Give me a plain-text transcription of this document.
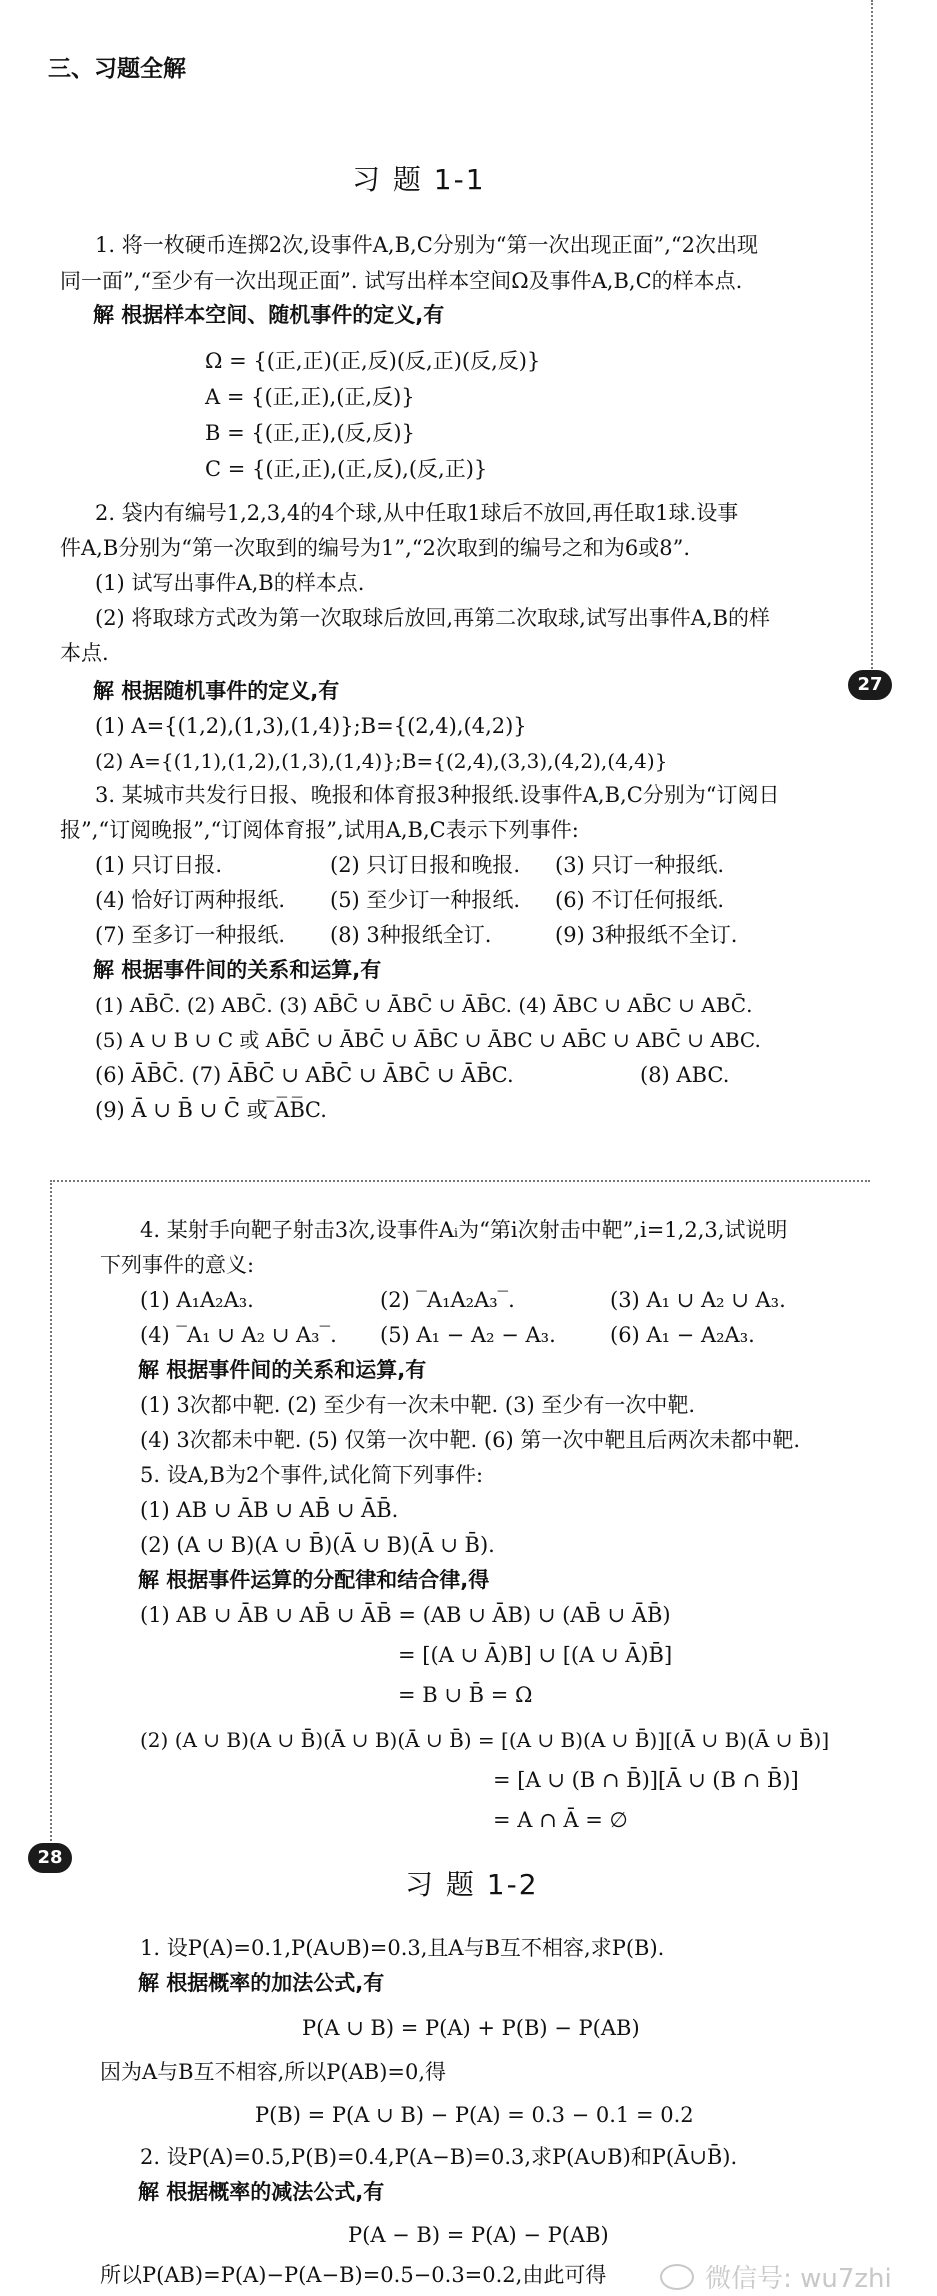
三、习题全解
习 题 1-1
27
28
1. 将一枚硬币连掷2次,设事件A,B,C分别为“第一次出现正面”,“2次出现
同一面”,“至少有一次出现正面”. 试写出样本空间Ω及事件A,B,C的样本点.
解 根据样本空间、随机事件的定义,有
Ω = {(正,正)(正,反)(反,正)(反,反)}
A = {(正,正),(正,反)}
B = {(正,正),(反,反)}
C = {(正,正),(正,反),(反,正)}
2. 袋内有编号1,2,3,4的4个球,从中任取1球后不放回,再任取1球.设事
件A,B分别为“第一次取到的编号为1”,“2次取到的编号之和为6或8”.
(1) 试写出事件A,B的样本点.
(2) 将取球方式改为第一次取球后放回,再第二次取球,试写出事件A,B的样
本点.
解 根据随机事件的定义,有
(1) A={(1,2),(1,3),(1,4)};B={(2,4),(4,2)}
(2) A={(1,1),(1,2),(1,3),(1,4)};B={(2,4),(3,3),(4,2),(4,4)}
3. 某城市共发行日报、晚报和体育报3种报纸.设事件A,B,C分别为“订阅日
报”,“订阅晚报”,“订阅体育报”,试用A,B,C表示下列事件:
(1) 只订日报.	(2) 只订日报和晚报. (3) 只订一种报纸.
(4) 恰好订两种报纸. (5) 至少订一种报纸. (6) 不订任何报纸.
(7) 至多订一种报纸. (8) 3种报纸全订.	(9) 3种报纸不全订.
解 根据事件间的关系和运算,有
(1) AB̄C̄. (2) ABC̄. (3) AB̄C̄ ∪ ĀBC̄ ∪ ĀB̄C. (4) ĀBC ∪ AB̄C ∪ ABC̄.
(5) A ∪ B ∪ C 或 AB̄C̄ ∪ ĀBC̄ ∪ ĀB̄C ∪ ĀBC ∪ AB̄C ∪ ABC̄ ∪ ABC.
(6) ĀB̄C̄. (7) ĀB̄C̄ ∪ AB̄C̄ ∪ ĀBC̄ ∪ ĀB̄C.	(8) ABC.
(9) Ā ∪ B̄ ∪ C̄ 或 ̅A̅B̅C.
4. 某射手向靶子射击3次,设事件Aᵢ为“第i次射击中靶”,i=1,2,3,试说明
下列事件的意义:
(1) A₁A₂A₃.	(2) ‾A₁A₂A₃‾.	(3) A₁ ∪ A₂ ∪ A₃.
(4) ‾A₁ ∪ A₂ ∪ A₃‾. (5) A₁ − A₂ − A₃.	(6) A₁ − A₂A₃.
解 根据事件间的关系和运算,有
(1) 3次都中靶. (2) 至少有一次未中靶. (3) 至少有一次中靶.
(4) 3次都未中靶. (5) 仅第一次中靶. (6) 第一次中靶且后两次未都中靶.
5. 设A,B为2个事件,试化简下列事件:
(1) AB ∪ ĀB ∪ AB̄ ∪ ĀB̄.
(2) (A ∪ B)(A ∪ B̄)(Ā ∪ B)(Ā ∪ B̄).
解 根据事件运算的分配律和结合律,得
(1) AB ∪ ĀB ∪ AB̄ ∪ ĀB̄ = (AB ∪ ĀB) ∪ (AB̄ ∪ ĀB̄)
= [(A ∪ Ā)B] ∪ [(A ∪ Ā)B̄]
= B ∪ B̄ = Ω
(2) (A ∪ B)(A ∪ B̄)(Ā ∪ B)(Ā ∪ B̄) = [(A ∪ B)(A ∪ B̄)][(Ā ∪ B)(Ā ∪ B̄)]
= [A ∪ (B ∩ B̄)][Ā ∪ (B ∩ B̄)]
= A ∩ Ā = ∅
习 题 1-2
1. 设P(A)=0.1,P(A∪B)=0.3,且A与B互不相容,求P(B).
解 根据概率的加法公式,有
P(A ∪ B) = P(A) + P(B) − P(AB)
因为A与B互不相容,所以P(AB)=0,得
P(B) = P(A ∪ B) − P(A) = 0.3 − 0.1 = 0.2
2. 设P(A)=0.5,P(B)=0.4,P(A−B)=0.3,求P(A∪B)和P(Ā∪B̄).
解 根据概率的减法公式,有
P(A − B) = P(A) − P(AB)
所以P(AB)=P(A)−P(A−B)=0.5−0.3=0.2,由此可得	微信号: wu7zhi
